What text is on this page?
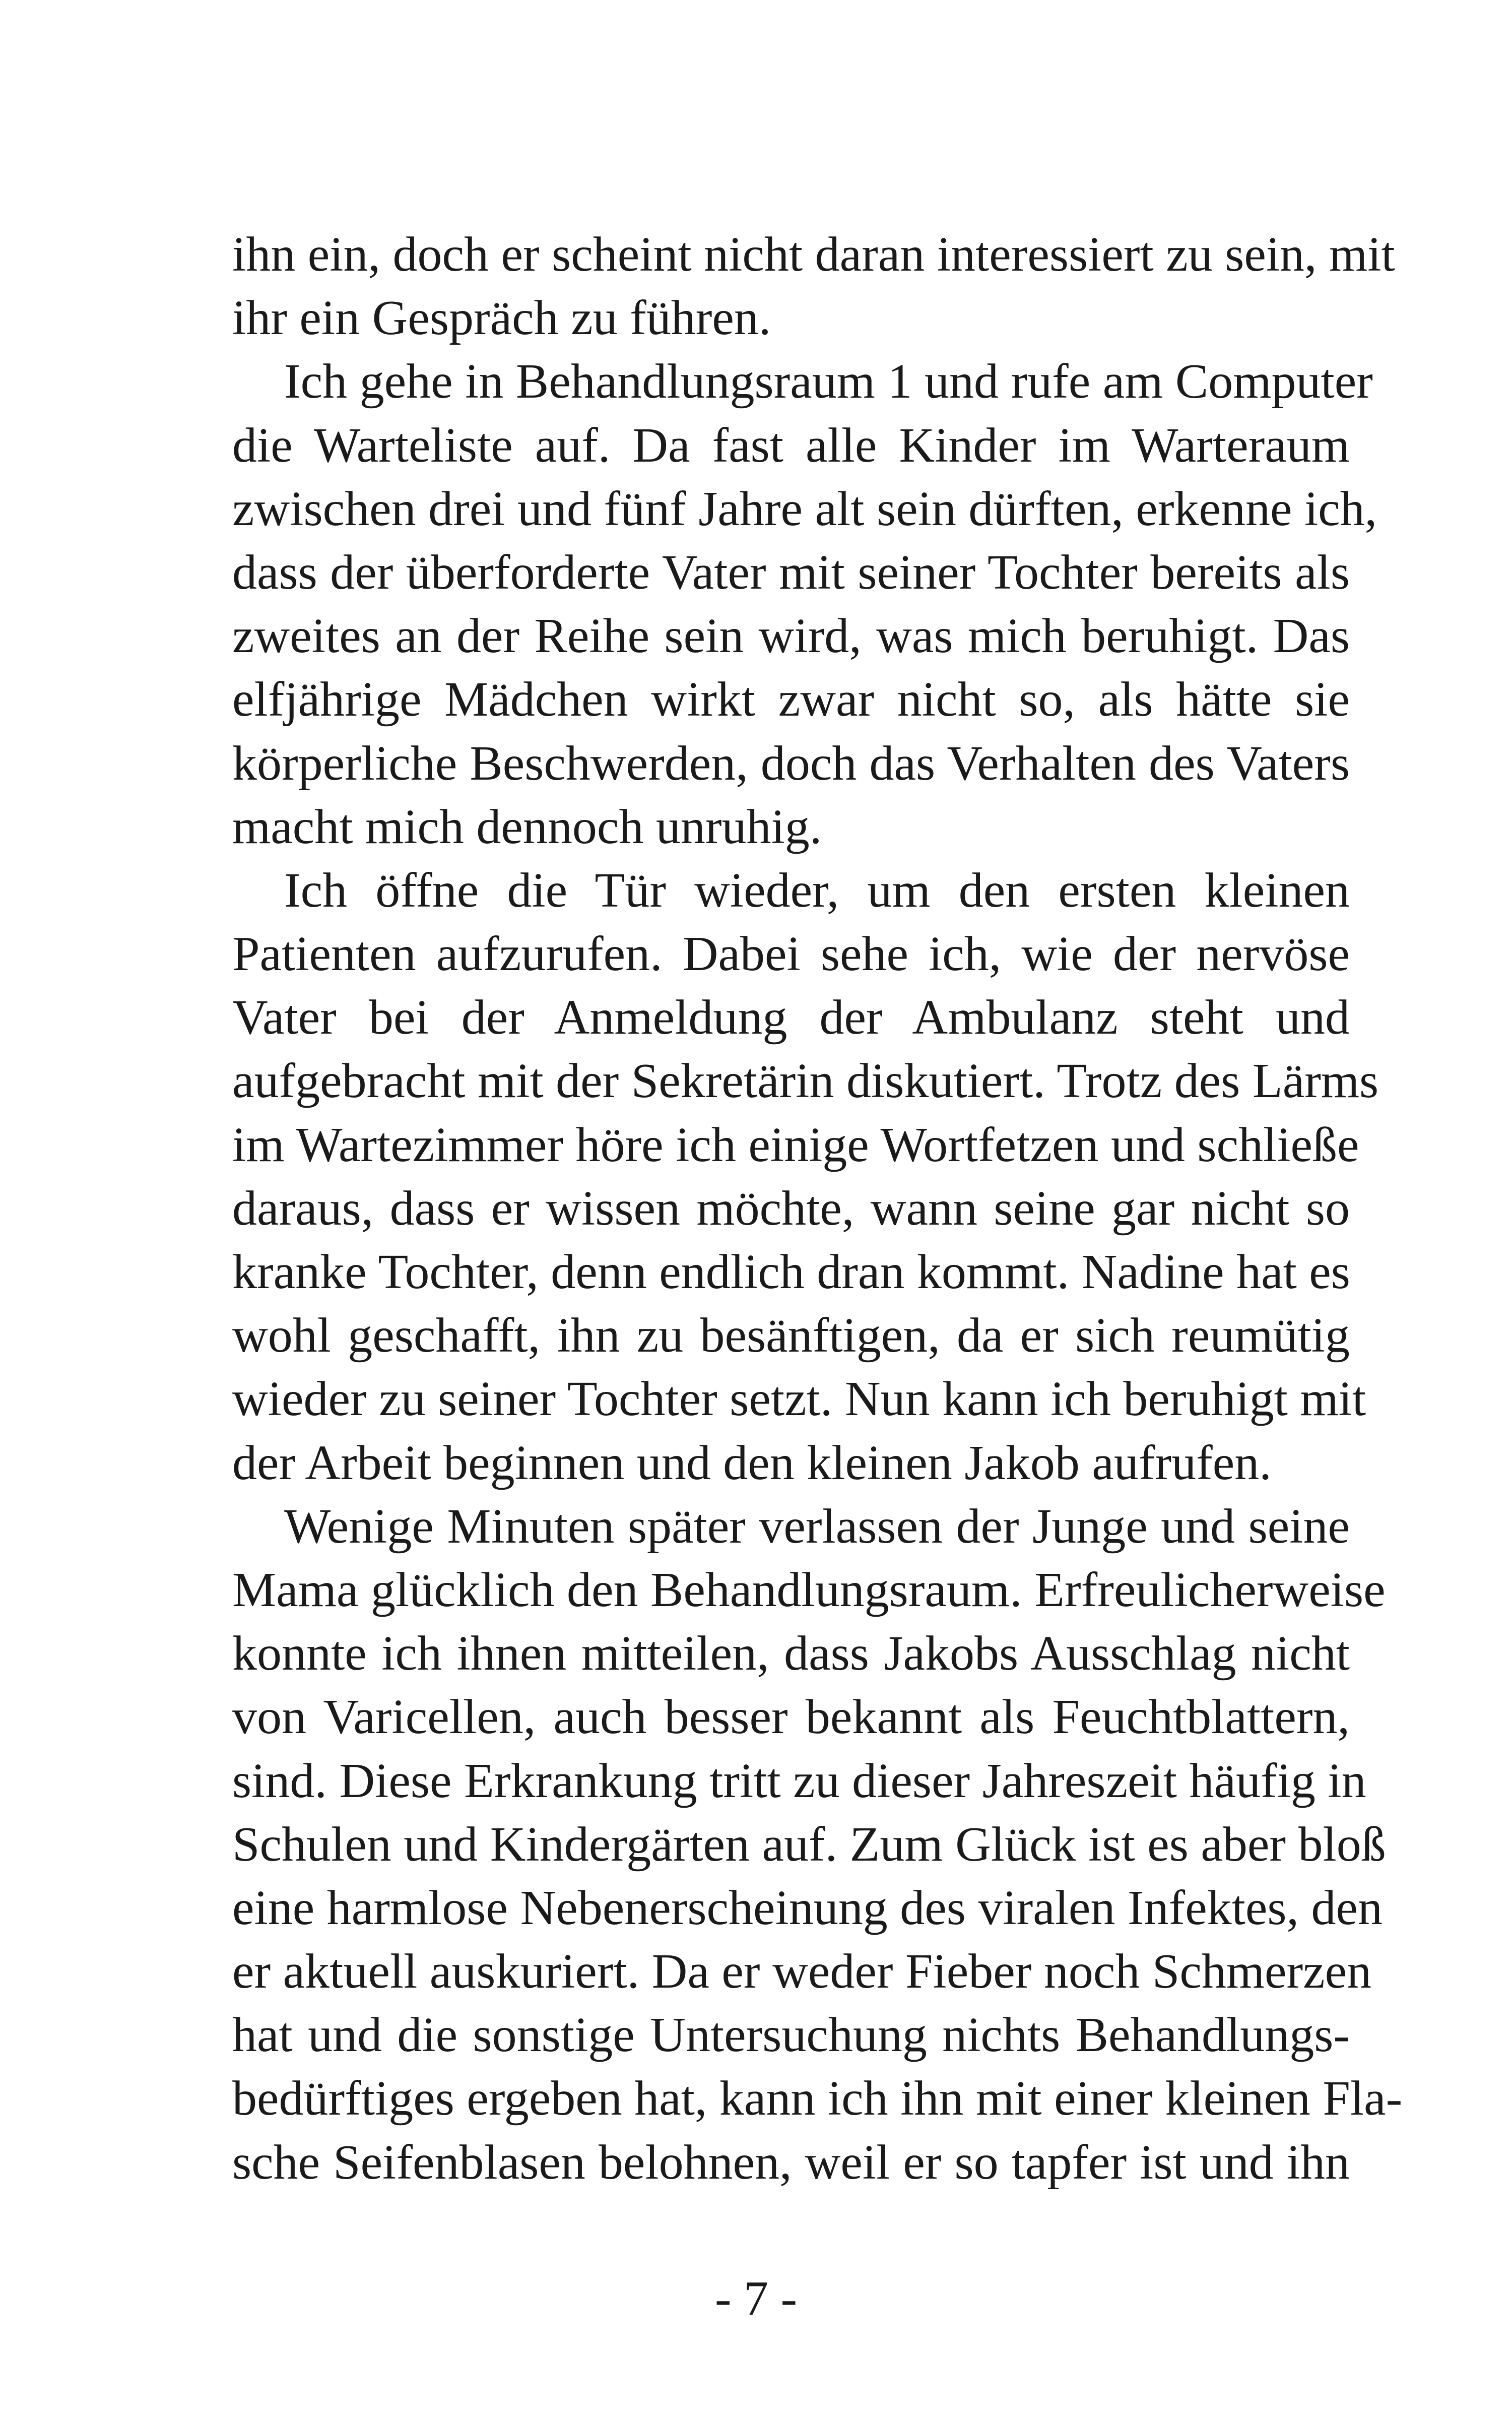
ihn ein, doch er scheint nicht daran interessiert zu sein, mit
ihr ein Gespräch zu führen.
Ich gehe in Behandlungsraum 1 und rufe am Computer
die Warteliste auf. Da fast alle Kinder im Warteraum
zwischen drei und fünf Jahre alt sein dürften, erkenne ich,
dass der überforderte Vater mit seiner Tochter bereits als
zweites an der Reihe sein wird, was mich beruhigt. Das
elfjährige Mädchen wirkt zwar nicht so, als hätte sie
körperliche Beschwerden, doch das Verhalten des Vaters
macht mich dennoch unruhig.
Ich öffne die Tür wieder, um den ersten kleinen
Patienten aufzurufen. Dabei sehe ich, wie der nervöse
Vater bei der Anmeldung der Ambulanz steht und
aufgebracht mit der Sekretärin diskutiert. Trotz des Lärms
im Wartezimmer höre ich einige Wortfetzen und schließe
daraus, dass er wissen möchte, wann seine gar nicht so
kranke Tochter, denn endlich dran kommt. Nadine hat es
wohl geschafft, ihn zu besänftigen, da er sich reumütig
wieder zu seiner Tochter setzt. Nun kann ich beruhigt mit
der Arbeit beginnen und den kleinen Jakob aufrufen.
Wenige Minuten später verlassen der Junge und seine
Mama glücklich den Behandlungsraum. Erfreulicherweise
konnte ich ihnen mitteilen, dass Jakobs Ausschlag nicht
von Varicellen, auch besser bekannt als Feuchtblattern,
sind. Diese Erkrankung tritt zu dieser Jahreszeit häufig in
Schulen und Kindergärten auf. Zum Glück ist es aber bloß
eine harmlose Nebenerscheinung des viralen Infektes, den
er aktuell auskuriert. Da er weder Fieber noch Schmerzen
hat und die sonstige Untersuchung nichts Behandlungs-
bedürftiges ergeben hat, kann ich ihn mit einer kleinen Fla-
sche Seifenblasen belohnen, weil er so tapfer ist und ihn
- 7 -
